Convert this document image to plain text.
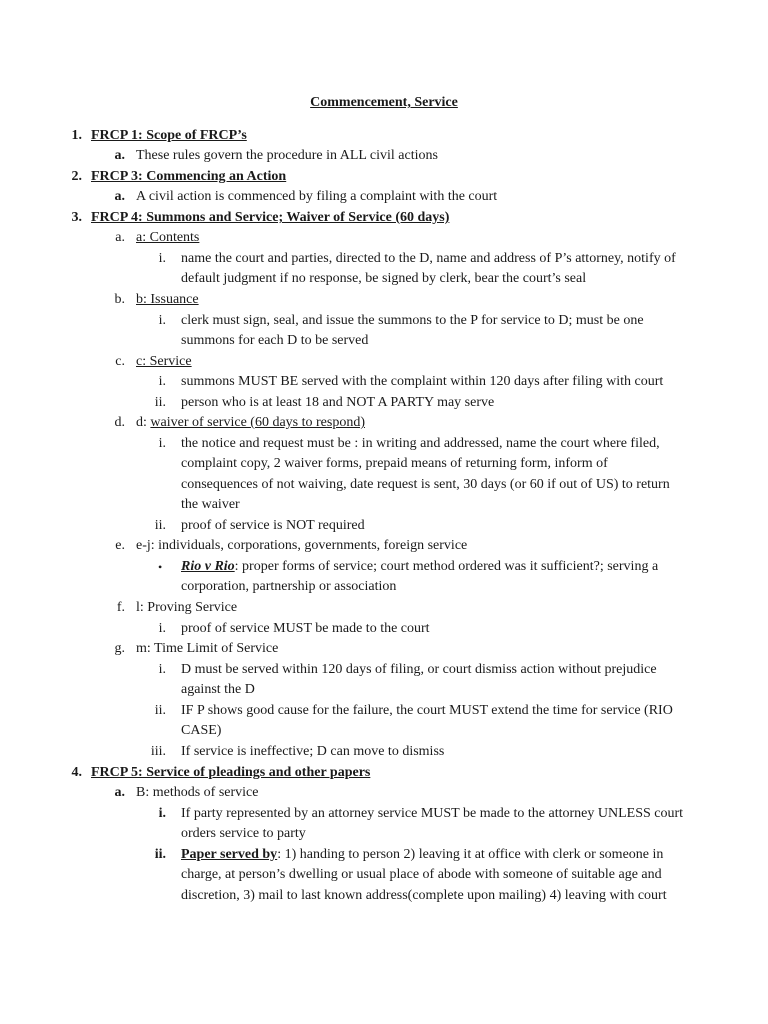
Commencement, Service
1. FRCP 1: Scope of FRCP’s
a. These rules govern the procedure in ALL civil actions
2. FRCP 3: Commencing an Action
a. A civil action is commenced by filing a complaint with the court
3. FRCP 4: Summons and Service; Waiver of Service (60 days)
a. a: Contents
i. name the court and parties, directed to the D, name and address of P’s attorney, notify of
default judgment if no response, be signed by clerk, bear the court’s seal
b. b: Issuance
i. clerk must sign, seal, and issue the summons to the P for service to D; must be one
summons for each D to be served
c. c: Service
i. summons MUST BE served with the complaint within 120 days after filing with court
ii. person who is at least 18 and NOT A PARTY may serve
d. d: waiver of service (60 days to respond)
i. the notice and request must be : in writing and addressed, name the court where filed,
complaint copy, 2 waiver forms, prepaid means of returning form, inform of
consequences of not waiving, date request is sent, 30 days (or 60 if out of US) to return
the waiver
ii. proof of service is NOT required
e. e-j: individuals, corporations, governments, foreign service
• Rio v Rio: proper forms of service; court method ordered was it sufficient?; serving a
corporation, partnership or association
f. l: Proving Service
i. proof of service MUST be made to the court
g. m: Time Limit of Service
i. D must be served within 120 days of filing, or court dismiss action without prejudice
against the D
ii. IF P shows good cause for the failure, the court MUST extend the time for service (RIO
CASE)
iii. If service is ineffective; D can move to dismiss
4. FRCP 5: Service of pleadings and other papers
a. B: methods of service
i. If party represented by an attorney service MUST be made to the attorney UNLESS court
orders service to party
ii. Paper served by: 1) handing to person 2) leaving it at office with clerk or someone in
charge, at person’s dwelling or usual place of abode with someone of suitable age and
discretion, 3) mail to last known address(complete upon mailing) 4) leaving with court
